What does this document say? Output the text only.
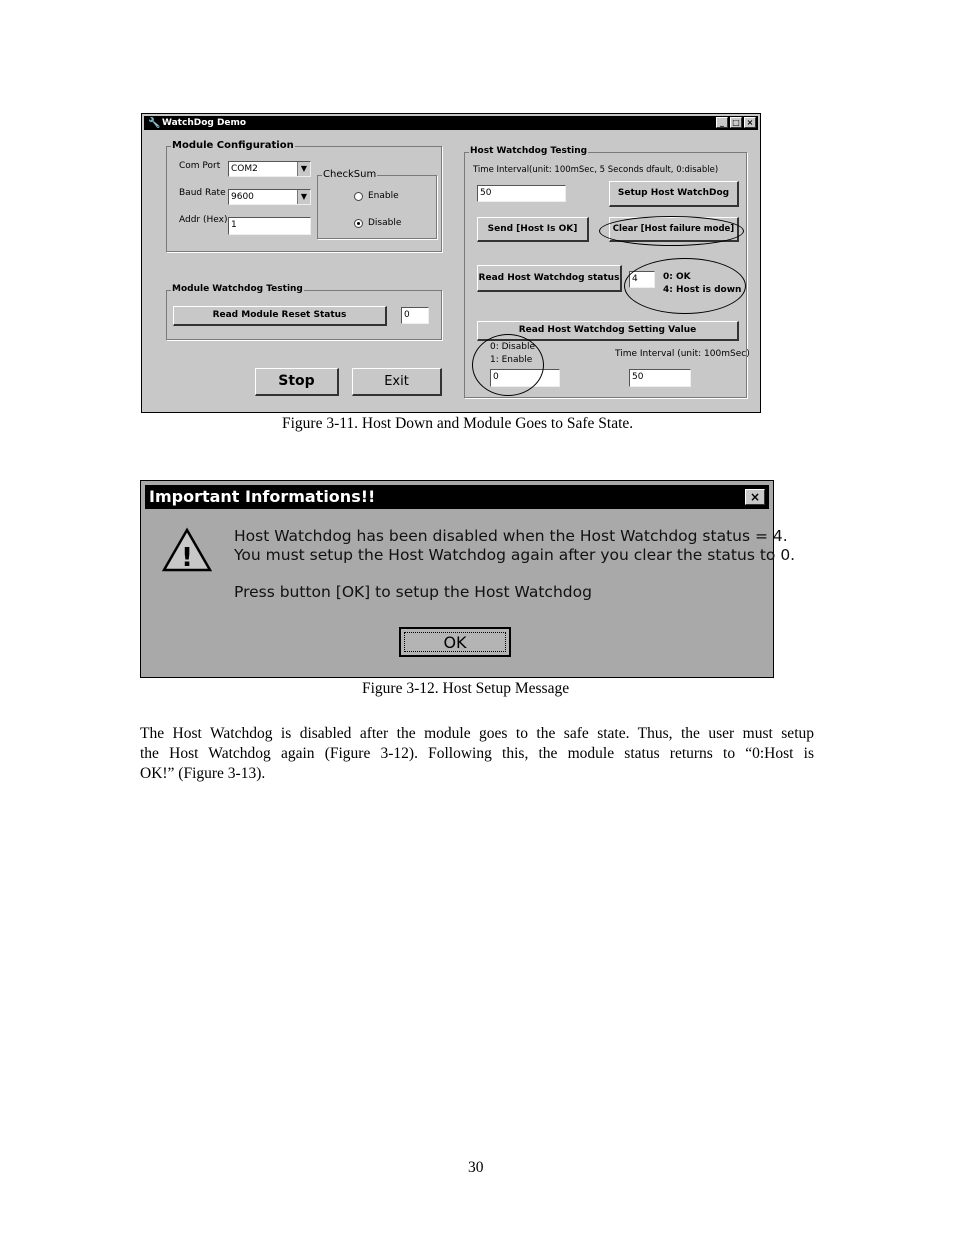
🔧 WatchDog Demo	_	□ ×
Module Configuration
Com Port	COM2	▼
Baud Rate 9600	▼
Addr (Hex) 1
CheckSum
Enable
Disable
Module Watchdog Testing
Read Module Reset Status	0
Stop	Exit
Host Watchdog Testing
Time Interval(unit: 100mSec, 5 Seconds dfault, 0:disable)
50	Setup Host WatchDog
Send [Host Is OK]	Clear [Host failure mode]
Read Host Watchdog status	4	0: OK
4: Host is down
Read Host Watchdog Setting Value
0: Disable
1: Enable
0
Time Interval (unit: 100mSec)
50
Figure 3-11. Host Down and Module Goes to Safe State.
Important Informations!!	×
!
Host Watchdog has been disabled when the Host Watchdog status = 4.
You must setup the Host Watchdog again after you clear the status to 0.
Press button [OK] to setup the Host Watchdog
OK
Figure 3-12. Host Setup Message
The Host Watchdog is disabled after the module goes to the safe state. Thus, the user must setup
the Host Watchdog again (Figure 3-12). Following this, the module status returns to “0:Host is
OK!” (Figure 3-13).
30
